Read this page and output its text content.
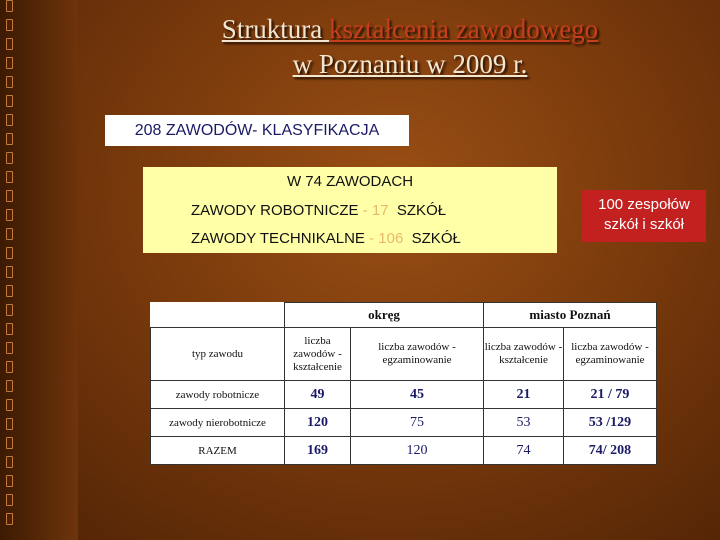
Struktura kształcenia zawodowego
w Poznaniu w 2009 r.
208 ZAWODÓW- KLASYFIKACJA
W 74 ZAWODACH
ZAWODY ROBOTNICZE - 17 SZKÓŁ
ZAWODY TECHNIKALNE - 106 SZKÓŁ
100 zespołów szkół i szkół
	okręg		miasto Poznań	
typ zawodu	liczba zawodów - kształcenie	liczba zawodów - egzaminowanie	liczba zawodów - kształcenie	liczba zawodów - egzaminowanie
zawody robotnicze	49	45	21	21 / 79
zawody nierobotnicze	120	75	53	53 /129
RAZEM	169	120	74	74/ 208
